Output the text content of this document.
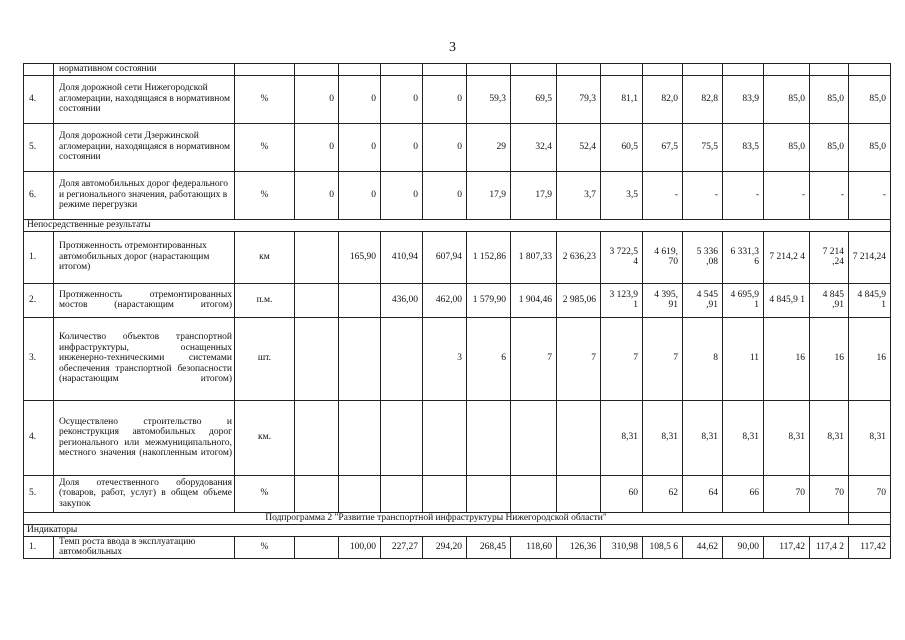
3
	нормативном состоянии															
4.	Доля дорожной сети Нижегородской агломерации, находящаяся в нормативном состоянии	%	0	0	0	0	59,3	69,5	79,3	81,1	82,0	82,8	83,9	85,0	85,0	85,0
5.	Доля дорожной сети Дзержинской агломерации, находящаяся в нормативном состоянии	%	0	0	0	0	29	32,4	52,4	60,5	67,5	75,5	83,5	85,0	85,0	85,0
6.	Доля автомобильных дорог федерального и регионального значения, работающих в режиме перегрузки	%	0	0	0	0	17,9	17,9	3,7	3,5	-	-	-	-	-	-
Непосредственные результаты																
1.	Протяженность отремонтированных автомобильных дорог (нарастающим итогом)	км		165,90	410,94	607,94	1 152,86	1 807,33	2 636,23	3 722,5 4	4 619, 70	5 336 ,08	6 331,3 6	7 214,2 4	7 214 ,24	7 214,24
2.	Протяженность отремонтированных мостов (нарастающим итогом)	п.м.			436,00	462,00	1 579,90	1 904,46	2 985,06	3 123,9 1	4 395, 91	4 545 ,91	4 695,9 1	4 845,9 1	4 845 ,91	4 845,9 1
3.	Количество объектов транспортной инфраструктуры, оснащенных инженерно-техническими системами обеспечения транспортной безопасности (нарастающим итогом)	шт.				3	6	7	7	7	7	8	11	16	16	16
4.	Осуществлено строительство и реконструкция автомобильных дорог регионального или межмуниципального, местного значения (накопленным итогом)	км.								8,31	8,31	8,31	8,31	8,31	8,31	8,31
5.	Доля отечественного оборудования (товаров, работ, услуг) в общем объеме закупок	%								60	62	64	66	70	70	70
Подпрограмма 2 "Развитие транспортной инфраструктуры Нижегородской области"																
Индикаторы																
1.	Темп роста ввода в эксплуатацию автомобильных	%		100,00	227,27	294,20	268,45	118,60	126,36	310,98	108,5 6	44,62	90,00	117,42	117,4 2	117,42
